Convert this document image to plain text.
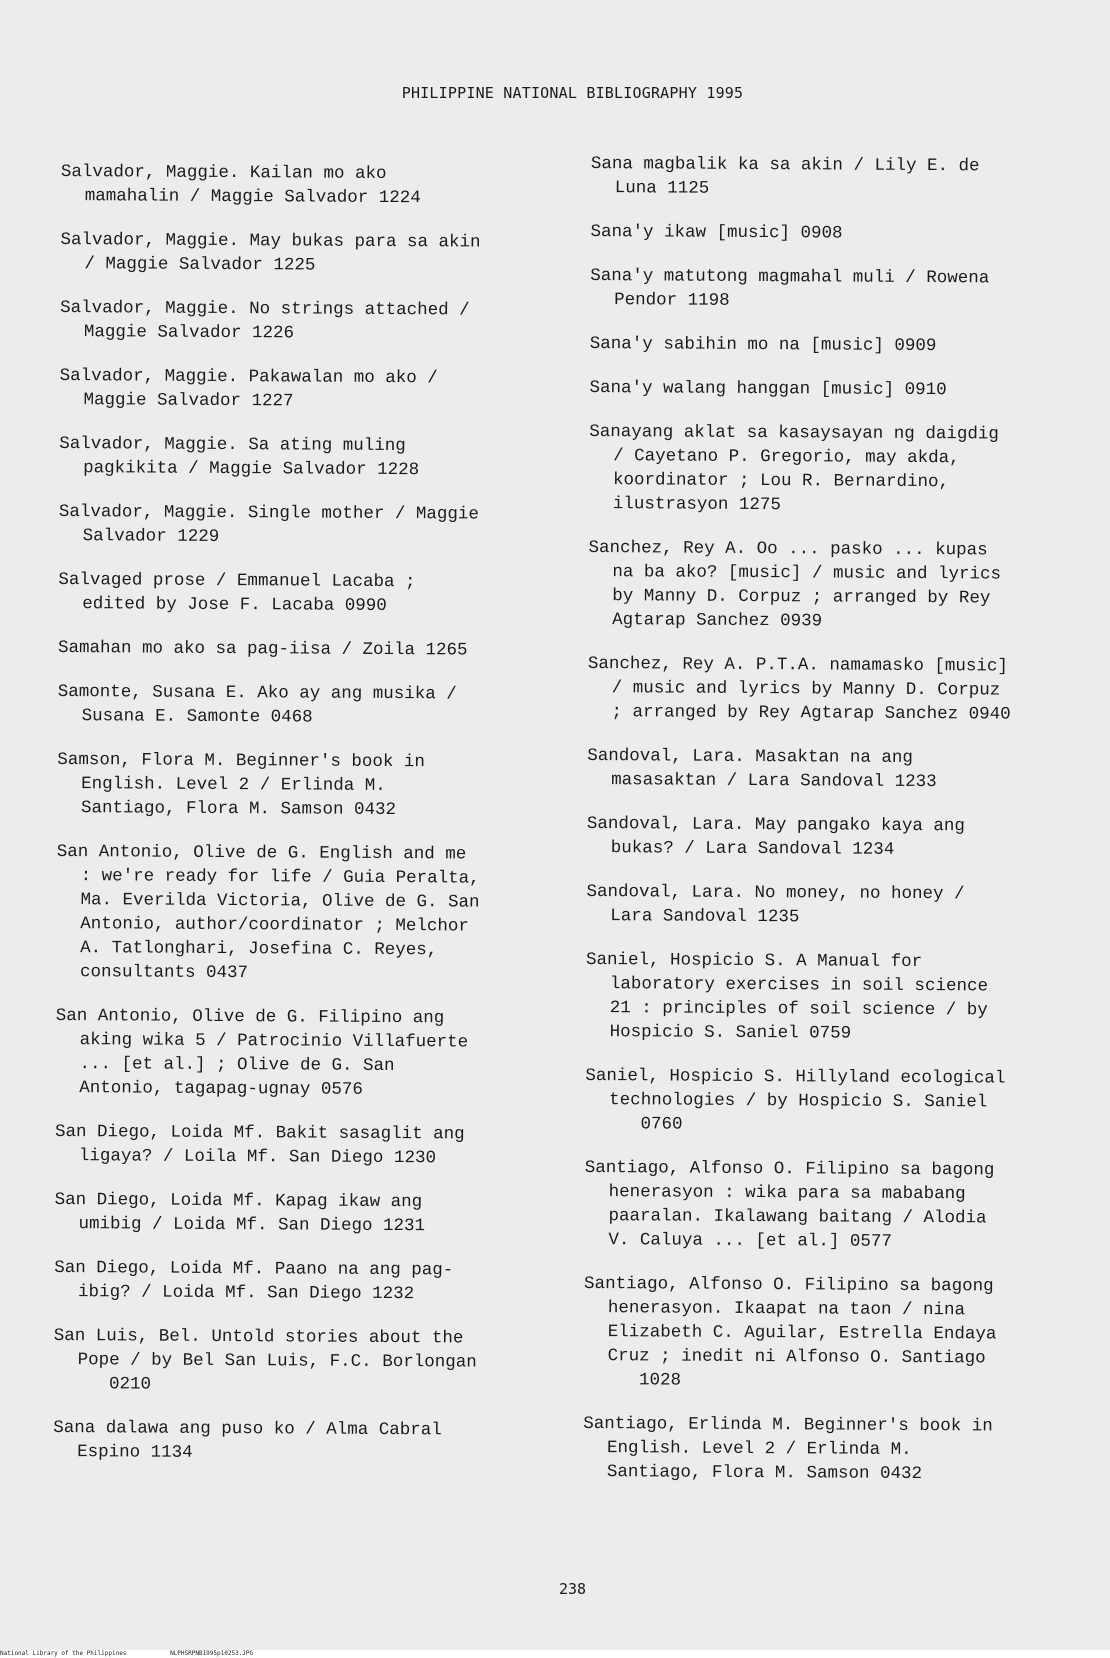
PHILIPPINE NATIONAL BIBLIOGRAPHY 1995

Salvador, Maggie. Kailan mo ako
mamahalin / Maggie Salvador 1224

Salvador, Maggie. May bukas para sa akin
/ Maggie Salvador 1225

Salvador, Maggie. No strings attached /
Maggie Salvador 1226

Salvador, Maggie. Pakawalan mo ako /
Maggie Salvador 1227

Salvador, Maggie. Sa ating muling
pagkikita / Maggie Salvador 1228

Salvador, Maggie. Single mother / Maggie
Salvador 1229

Salvaged prose / Emmanuel Lacaba ;
edited by Jose F. Lacaba 0990

Samahan mo ako sa pag-iisa / Zoila 1265

Samonte, Susana E. Ako ay ang musika /
Susana E. Samonte 0468

Samson, Flora M. Beginner's book in
English. Level 2 / Erlinda M.
Santiago, Flora M. Samson 0432

San Antonio, Olive de G. English and me
: we're ready for life / Guia Peralta,
Ma. Everilda Victoria, Olive de G. San
Antonio, author/coordinator ; Melchor
A. Tatlonghari, Josefina C. Reyes,
consultants 0437

San Antonio, Olive de G. Filipino ang
aking wika 5 / Patrocinio Villafuerte
... [et al.] ; Olive de G. San
Antonio, tagapag-ugnay 0576

San Diego, Loida Mf. Bakit sasaglit ang
ligaya? / Loila Mf. San Diego 1230

San Diego, Loida Mf. Kapag ikaw ang
umibig / Loida Mf. San Diego 1231

San Diego, Loida Mf. Paano na ang pag-
ibig? / Loida Mf. San Diego 1232

San Luis, Bel. Untold stories about the
Pope / by Bel San Luis, F.C. Borlongan
0210

Sana dalawa ang puso ko / Alma Cabral
Espino 1134

Sana magbalik ka sa akin / Lily E. de
Luna 1125

Sana'y ikaw [music] 0908

Sana'y matutong magmahal muli / Rowena
Pendor 1198

Sana'y sabihin mo na [music] 0909

Sana'y walang hanggan [music] 0910

Sanayang aklat sa kasaysayan ng daigdig
/ Cayetano P. Gregorio, may akda,
koordinator ; Lou R. Bernardino,
ilustrasyon 1275

Sanchez, Rey A. Oo ... pasko ... kupas
na ba ako? [music] / music and lyrics
by Manny D. Corpuz ; arranged by Rey
Agtarap Sanchez 0939

Sanchez, Rey A. P.T.A. namamasko [music]
/ music and lyrics by Manny D. Corpuz
; arranged by Rey Agtarap Sanchez 0940

Sandoval, Lara. Masaktan na ang
masasaktan / Lara Sandoval 1233

Sandoval, Lara. May pangako kaya ang
bukas? / Lara Sandoval 1234

Sandoval, Lara. No money, no honey /
Lara Sandoval 1235

Saniel, Hospicio S. A Manual for
laboratory exercises in soil science
21 : principles of soil science / by
Hospicio S. Saniel 0759

Saniel, Hospicio S. Hillyland ecological
technologies / by Hospicio S. Saniel
0760

Santiago, Alfonso O. Filipino sa bagong
henerasyon : wika para sa mababang
paaralan. Ikalawang baitang / Alodia
V. Caluya ... [et al.] 0577

Santiago, Alfonso O. Filipino sa bagong
henerasyon. Ikaapat na taon / nina
Elizabeth C. Aguilar, Estrella Endaya
Cruz ; inedit ni Alfonso O. Santiago
1028

Santiago, Erlinda M. Beginner's book in
English. Level 2 / Erlinda M.
Santiago, Flora M. Samson 0432

238
National Library of the Philippines	NLPHSRPNB1995p10253.JPG
